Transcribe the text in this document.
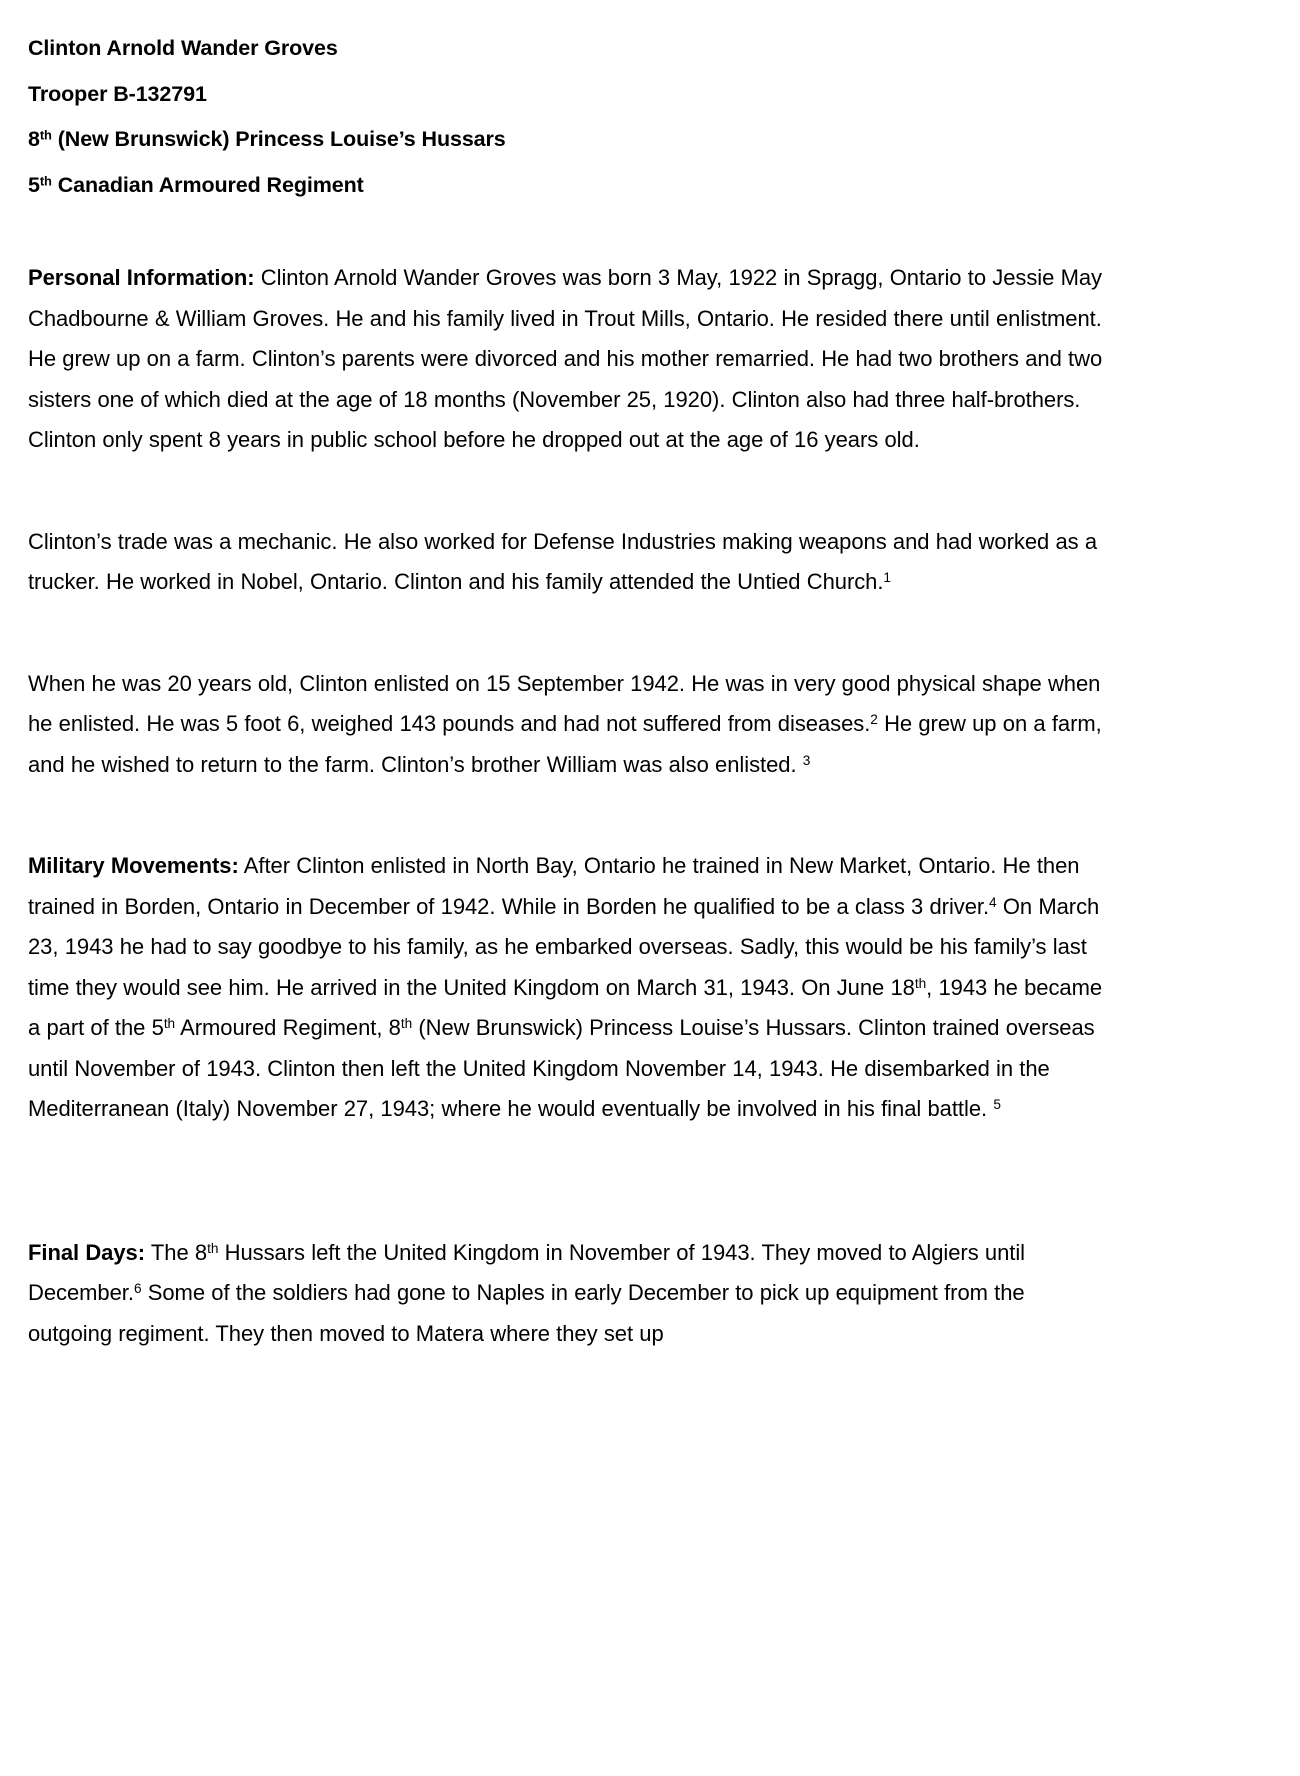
Clinton Arnold Wander Groves
Trooper B-132791
8th (New Brunswick) Princess Louise’s Hussars
5th Canadian Armoured Regiment

Personal Information: Clinton Arnold Wander Groves was born 3 May, 1922 in Spragg, Ontario to Jessie May Chadbourne & William Groves. He and his family lived in Trout Mills, Ontario. He resided there until enlistment. He grew up on a farm. Clinton’s parents were divorced and his mother remarried. He had two brothers and two sisters one of which died at the age of 18 months (November 25, 1920). Clinton also had three half-brothers. Clinton only spent 8 years in public school before he dropped out at the age of 16 years old.

Clinton’s trade was a mechanic. He also worked for Defense Industries making weapons and had worked as a trucker. He worked in Nobel, Ontario. Clinton and his family attended the Untied Church.$^1$

When he was 20 years old, Clinton enlisted on 15 September 1942. He was in very good physical shape when he enlisted. He was 5 foot 6, weighed 143 pounds and had not suffered from diseases.$^2$ He grew up on a farm, and he wished to return to the farm. Clinton’s brother William was also enlisted. $^3$

Military Movements: After Clinton enlisted in North Bay, Ontario he trained in New Market, Ontario. He then trained in Borden, Ontario in December of 1942. While in Borden he qualified to be a class 3 driver.$^4$ On March 23, 1943 he had to say goodbye to his family, as he embarked overseas. Sadly, this would be his family’s last time they would see him. He arrived in the United Kingdom on March 31, 1943. On June 18th, 1943 he became a part of the 5th Armoured Regiment, 8th (New Brunswick) Princess Louise’s Hussars. Clinton trained overseas until November of 1943. Clinton then left the United Kingdom November 14, 1943. He disembarked in the Mediterranean (Italy) November 27, 1943; where he would eventually be involved in his final battle. $^5$

Final Days: The 8th Hussars left the United Kingdom in November of 1943. They moved to Algiers until December.$^6$ Some of the soldiers had gone to Naples in early December to pick up equipment from the outgoing regiment. They then moved to Matera where they set up
